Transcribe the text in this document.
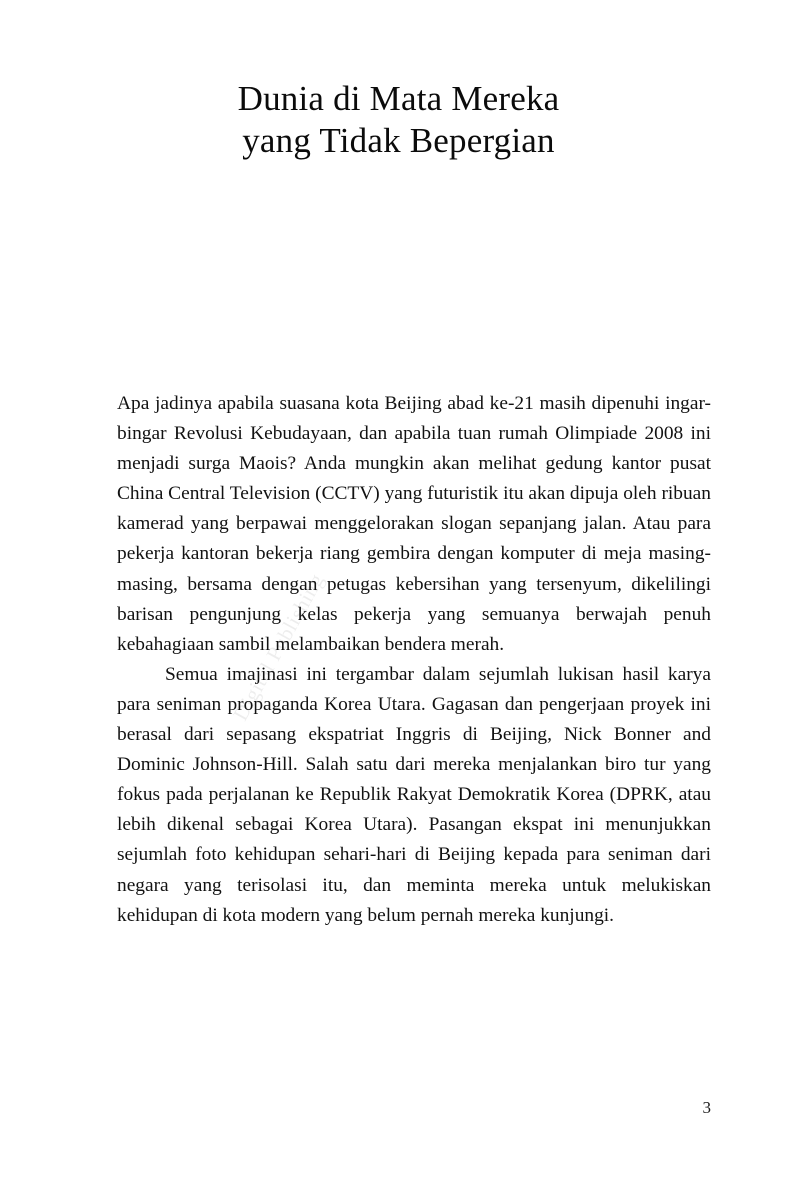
Digital Publishing
Dunia di Mata Mereka
yang Tidak Bepergian

Apa jadinya apabila suasana kota Beijing abad ke-21 masih dipenuhi ingar-bingar Revolusi Kebudayaan, dan apabila tuan rumah Olimpiade 2008 ini menjadi surga Maois? Anda mungkin akan melihat gedung kantor pusat China Central Television (CCTV) yang futuristik itu akan dipuja oleh ribuan kamerad yang berpawai menggelorakan slogan sepanjang jalan. Atau para pekerja kantoran bekerja riang gembira dengan komputer di meja masing-masing, bersama dengan petugas kebersihan yang tersenyum, dikelilingi barisan pengunjung kelas pekerja yang semuanya berwajah penuh kebahagiaan sambil melambaikan bendera merah.

Semua imajinasi ini tergambar dalam sejumlah lukisan hasil karya para seniman propaganda Korea Utara. Gagasan dan pengerjaan proyek ini berasal dari sepasang ekspatriat Inggris di Beijing, Nick Bonner and Dominic Johnson-Hill. Salah satu dari mereka menjalankan biro tur yang fokus pada perjalanan ke Republik Rakyat Demokratik Korea (DPRK, atau lebih dikenal sebagai Korea Utara). Pasangan ekspat ini menunjukkan sejumlah foto kehidupan sehari-hari di Beijing kepada para seniman dari negara yang terisolasi itu, dan meminta mereka untuk melukiskan kehidupan di kota modern yang belum pernah mereka kunjungi.

3
